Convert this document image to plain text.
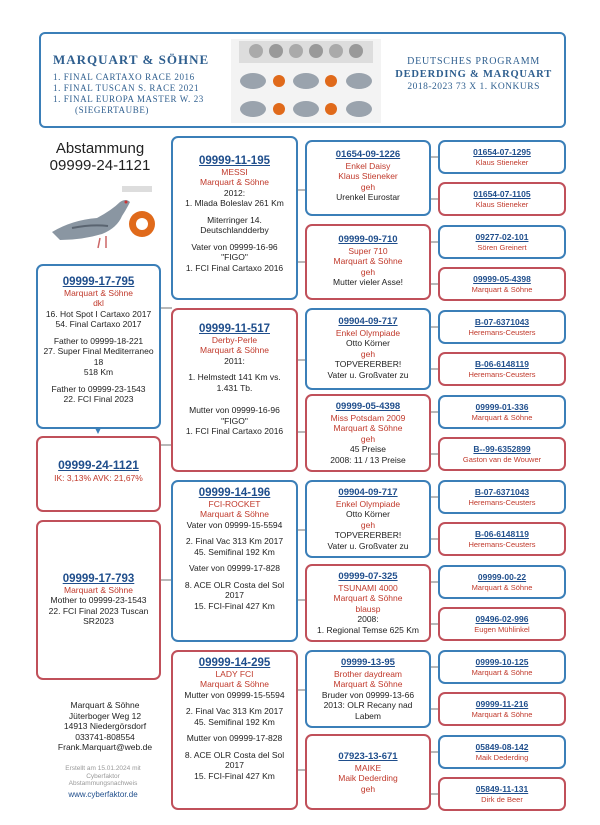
MARQUART & SÖHNE
1. FINAL CARTAXO RACE 2016
1. FINAL TUSCAN S. RACE 2021
1. FINAL EUROPA MASTER W. 23
(SIEGERTAUBE)
DEUTSCHES PROGRAMM
DEDERDING & MARQUART
2018-2023 73 X 1. KONKURS
Abstammung
09999-24-1121
09999-17-795
Marquart & Söhne
dkl
16. Hot Spot I Cartaxo 2017
54. Final Cartaxo 2017
Father to 09999-18-221
27. Super Final Mediterraneo
18
518 Km
Father to 09999-23-1543
22. FCI Final 2023
09999-24-1121
IK: 3,13% AVK: 21,67%
09999-17-793
Marquart & Söhne
Mother to 09999-23-1543
22. FCI Final 2023 Tuscan
SR2023
09999-11-195
MESSI
Marquart & Söhne
2012:
1. Mlada Boleslav 261 Km
Miterringer 14.
Deutschlandderby
Vater von 09999-16-96
"FIGO"
1. FCI Final Cartaxo 2016
09999-11-517
Derby-Perle
Marquart & Söhne
2011:
1. Helmstedt 141 Km vs.
1.431 Tb.
Mutter von 09999-16-96
"FIGO"
1. FCI Final Cartaxo 2016
09999-14-196
FCI-ROCKET
Marquart & Söhne
Vater von 09999-15-5594
2. Final Vac 313 Km 2017
45. Semifinal 192 Km
Vater von 09999-17-828
8. ACE OLR Costa del Sol
2017
15. FCI-Final 427 Km
09999-14-295
LADY FCI
Marquart & Söhne
Mutter von 09999-15-5594
2. Final Vac 313 Km 2017
45. Semifinal 192 Km
Mutter von 09999-17-828
8. ACE OLR Costa del Sol
2017
15. FCI-Final 427 Km
01654-09-1226
Enkel Daisy
Klaus Stieneker
geh
Urenkel Eurostar
09999-09-710
Super 710
Marquart & Söhne
geh
Mutter vieler Asse!
09904-09-717
Enkel Olympiade
Otto Körner
geh
TOPVERERBER!
Vater u. Großvater zu
09999-05-4398
Miss Potsdam 2009
Marquart & Söhne
geh
45 Preise
2008: 11 / 13 Preise
09904-09-717
Enkel Olympiade
Otto Körner
geh
TOPVERERBER!
Vater u. Großvater zu
09999-07-325
TSUNAMI 4000
Marquart & Söhne
blausp
2008:
1. Regional Temse 625 Km
09999-13-95
Brother daydream
Marquart & Söhne
Bruder von 09999-13-66
2013: OLR Recany nad
Labem
07923-13-671
MAIKE
Maik Dederding
geh
01654-07-1295
Klaus Stieneker
01654-07-1105
Klaus Stieneker
09277-02-101
Sören Greinert
09999-05-4398
Marquart & Söhne
B-07-6371043
Heremans-Ceusters
B-06-6148119
Heremans-Ceusters
09999-01-336
Marquart & Söhne
B--99-6352899
Gaston van de Wouwer
B-07-6371043
Heremans-Ceusters
B-06-6148119
Heremans-Ceusters
09999-00-22
Marquart & Söhne
09496-02-996
Eugen Mühlinkel
09999-10-125
Marquart & Söhne
09999-11-216
Marquart & Söhne
05849-08-142
Maik Dederding
05849-11-131
Dirk de Beer
Marquart & Söhne
Jüterboger Weg 12
14913 Niedergörsdorf
033741-808554
Frank.Marquart@web.de
Erstellt am 15.01.2024 mit
Cyberfaktor
Abstammungsnachweis
www.cyberfaktor.de
